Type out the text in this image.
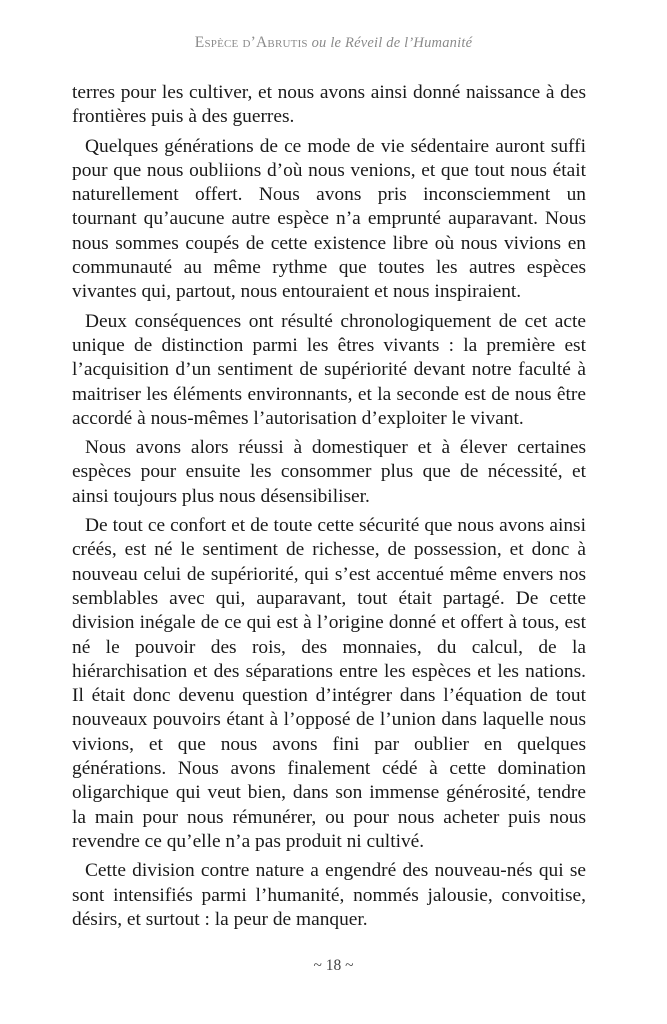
Espèce d’Abrutis ou le Réveil de l’Humanité

terres pour les cultiver, et nous avons ainsi donné naissance à des frontières puis à des guerres.

Quelques générations de ce mode de vie sédentaire auront suffi pour que nous oubliions d’où nous venions, et que tout nous était naturellement offert. Nous avons pris inconsciemment un tournant qu’aucune autre espèce n’a emprunté auparavant. Nous nous sommes coupés de cette existence libre où nous vivions en communauté au même rythme que toutes les autres espèces vivantes qui, partout, nous entouraient et nous inspiraient.

Deux conséquences ont résulté chronologiquement de cet acte unique de distinction parmi les êtres vivants : la première est l’acquisition d’un sentiment de supériorité devant notre faculté à maitriser les éléments environnants, et la seconde est de nous être accordé à nous-mêmes l’autorisation d’exploiter le vivant.

Nous avons alors réussi à domestiquer et à élever certaines espèces pour ensuite les consommer plus que de nécessité, et ainsi toujours plus nous désensibiliser.

De tout ce confort et de toute cette sécurité que nous avons ainsi créés, est né le sentiment de richesse, de possession, et donc à nouveau celui de supériorité, qui s’est accentué même envers nos semblables avec qui, auparavant, tout était partagé. De cette division inégale de ce qui est à l’origine donné et offert à tous, est né le pouvoir des rois, des monnaies, du calcul, de la hiérarchisation et des séparations entre les espèces et les nations. Il était donc devenu question d’intégrer dans l’équation de tout nouveaux pouvoirs étant à l’opposé de l’union dans laquelle nous vivions, et que nous avons fini par oublier en quelques générations. Nous avons finalement cédé à cette domination oligarchique qui veut bien, dans son immense générosité, tendre la main pour nous rémunérer, ou pour nous acheter puis nous revendre ce qu’elle n’a pas produit ni cultivé.

Cette division contre nature a engendré des nouveau-nés qui se sont intensifiés parmi l’humanité, nommés jalousie, convoitise, désirs, et surtout : la peur de manquer.

~ 18 ~
